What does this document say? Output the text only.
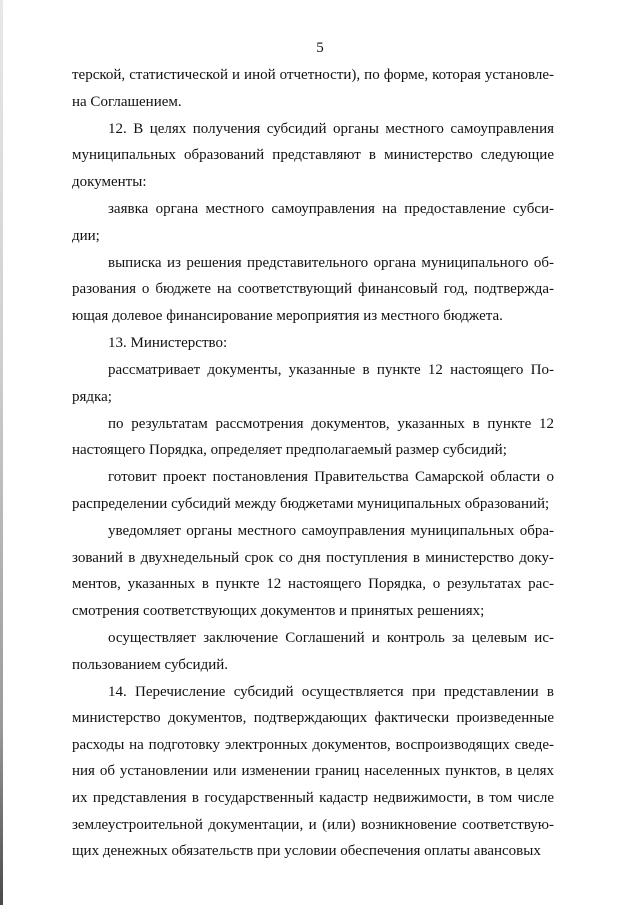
5

терской, статистической и иной отчетности), по форме, которая установле-на Соглашением.

12. В целях получения субсидий органы местного самоуправления муниципальных образований представляют в министерство следующие документы:

заявка органа местного самоуправления на предоставление субси-дии;

выписка из решения представительного органа муниципального об-разования о бюджете на соответствующий финансовый год, подтвержда-ющая долевое финансирование мероприятия из местного бюджета.

13. Министерство:

рассматривает документы, указанные в пункте 12 настоящего По-рядка;

по результатам рассмотрения документов, указанных в пункте 12 настоящего Порядка, определяет предполагаемый размер субсидий;

готовит проект постановления Правительства Самарской области о распределении субсидий между бюджетами муниципальных образований;

уведомляет органы местного самоуправления муниципальных обра-зований в двухнедельный срок со дня поступления в министерство доку-ментов, указанных в пункте 12 настоящего Порядка, о результатах рас-смотрения соответствующих документов и принятых решениях;

осуществляет заключение Соглашений и контроль за целевым ис-пользованием субсидий.

14. Перечисление субсидий осуществляется при представлении в министерство документов, подтверждающих фактически произведенные расходы на подготовку электронных документов, воспроизводящих сведе-ния об установлении или изменении границ населенных пунктов, в целях их представления в государственный кадастр недвижимости, в том числе землеустроительной документации, и (или) возникновение соответствую-щих денежных обязательств при условии обеспечения оплаты авансовых
